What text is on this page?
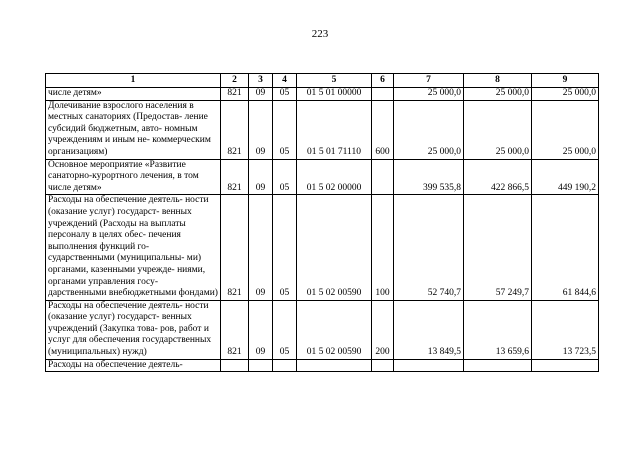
223
1	2	3	4	5	6	7	8	9
числе детям»	821	09	05	01 5 01 00000		25 000,0	25 000,0	25 000,0
Долечивание взрослого населения в местных санаториях (Предостав- ление субсидий бюджетным, авто- номным учреждениям и иным не- коммерческим организациям)	821	09	05	01 5 01 71110	600	25 000,0	25 000,0	25 000,0
Основное мероприятие «Развитие санаторно-курортного лечения, в том числе детям»	821	09	05	01 5 02 00000		399 535,8	422 866,5	449 190,2
Расходы на обеспечение деятель- ности (оказание услуг) государст- венных учреждений (Расходы на выплаты персоналу в целях обес- печения выполнения функций го- сударственными (муниципальны- ми) органами, казенными учрежде- ниями, органами управления госу- дарственными внебюджетными фондами)	821	09	05	01 5 02 00590	100	52 740,7	57 249,7	61 844,6
Расходы на обеспечение деятель- ности (оказание услуг) государст- венных учреждений (Закупка това- ров, работ и услуг для обеспечения государственных (муниципальных) нужд)	821	09	05	01 5 02 00590	200	13 849,5	13 659,6	13 723,5
Расходы на обеспечение деятель-								
